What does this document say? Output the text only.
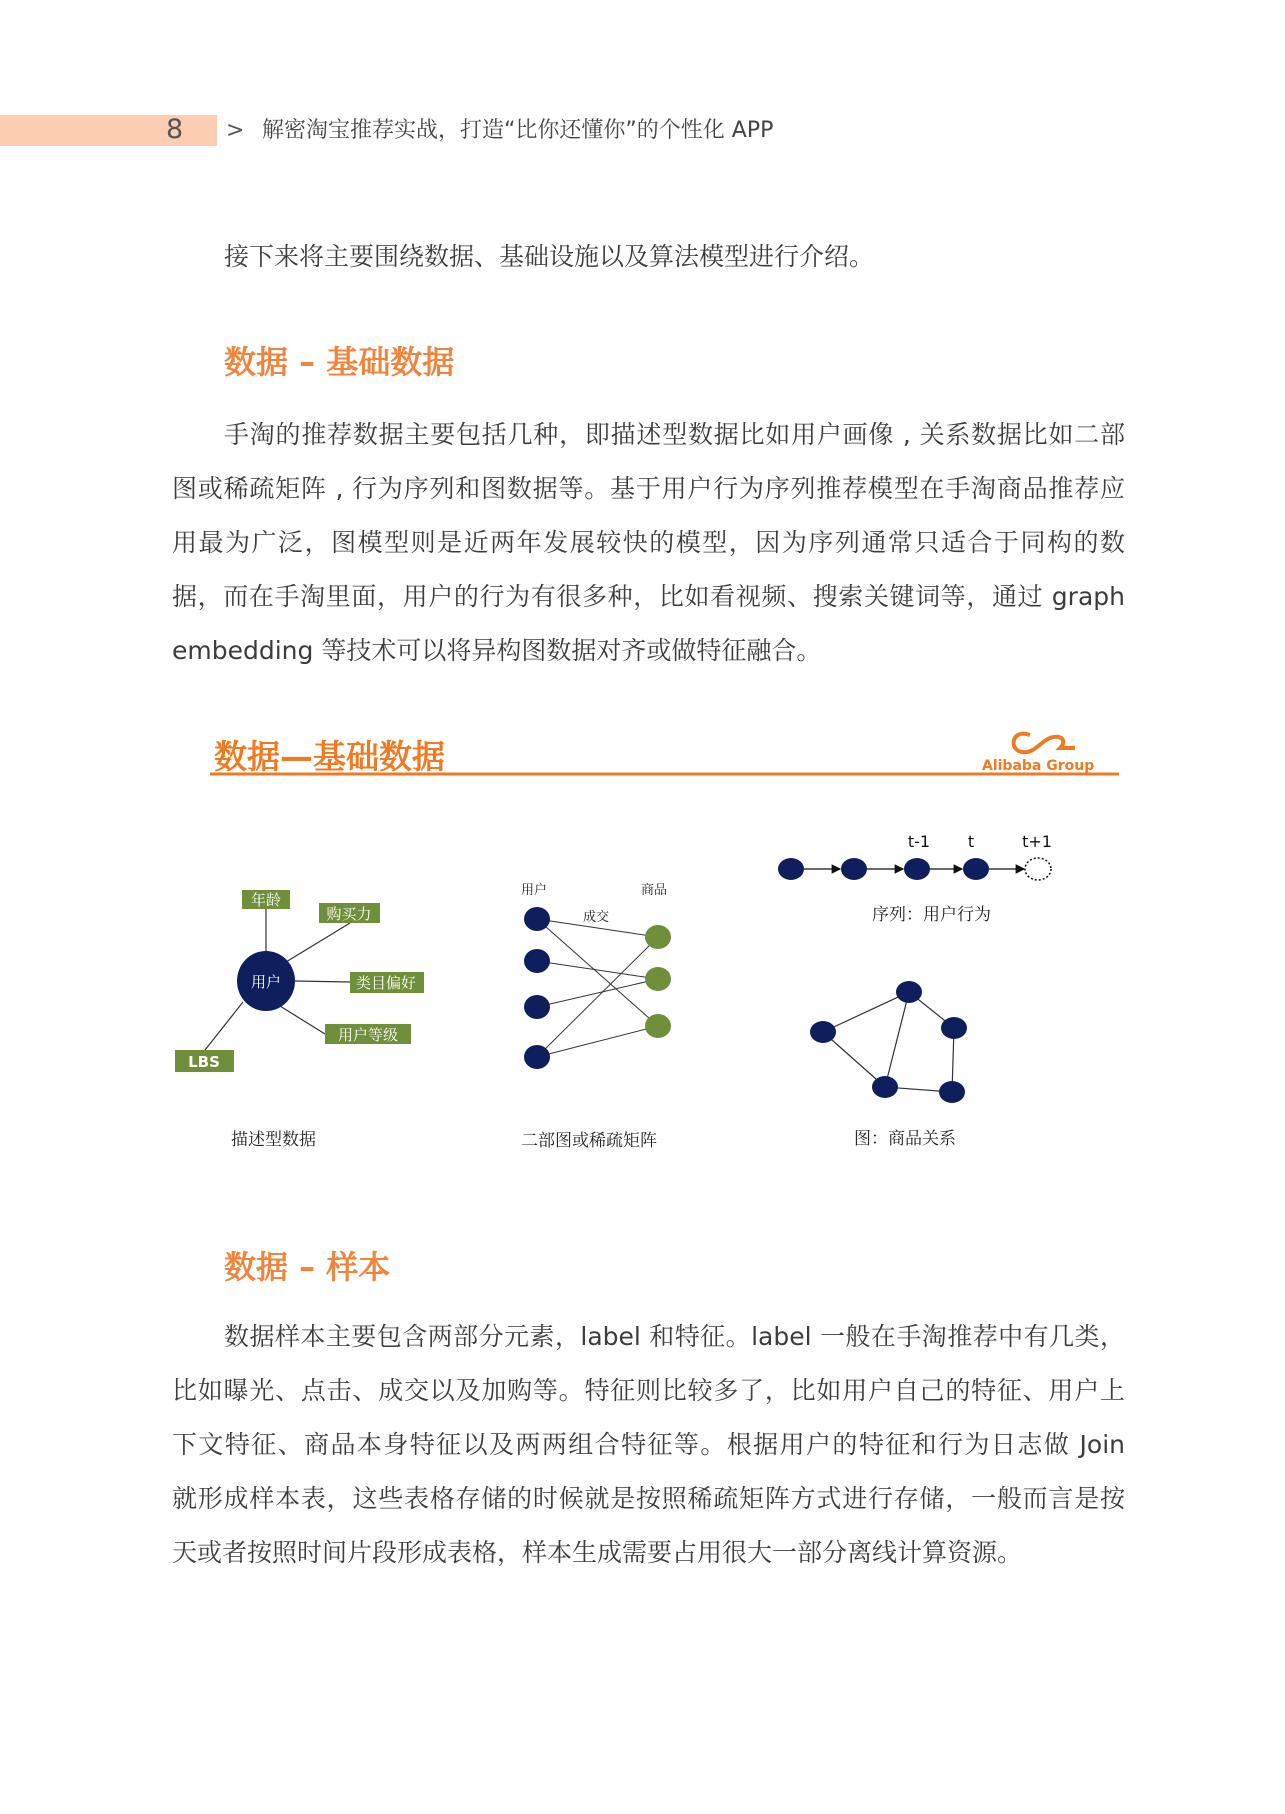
8 > 解密淘宝推荐实战，打造“比你还懂你”的个性化 APP
接下来将主要围绕数据、基础设施以及算法模型进行介绍。
数据 – 基础数据
手淘的推荐数据主要包括几种，即描述型数据比如用户画像 , 关系数据比如二部
图或稀疏矩阵 , 行为序列和图数据等。基于用户行为序列推荐模型在手淘商品推荐应
用最为广泛，图模型则是近两年发展较快的模型，因为序列通常只适合于同构的数
据，而在手淘里面，用户的行为有很多种，比如看视频、搜索关键词等，通过 graph
embedding 等技术可以将异构图数据对齐或做特征融合。
数据—基础数据	Alibaba Group
用户
年龄
购买力
类目偏好
用户等级
LBS
描述型数据
用户	商品
成交
二部图或稀疏矩阵
t-1 t	t+1
序列：用户行为
图：商品关系
数据 – 样本
数据样本主要包含两部分元素，label 和特征。label 一般在手淘推荐中有几类，
比如曝光、点击、成交以及加购等。特征则比较多了，比如用户自己的特征、用户上
下文特征、商品本身特征以及两两组合特征等。根据用户的特征和行为日志做 Join
就形成样本表，这些表格存储的时候就是按照稀疏矩阵方式进行存储，一般而言是按
天或者按照时间片段形成表格，样本生成需要占用很大一部分离线计算资源。
